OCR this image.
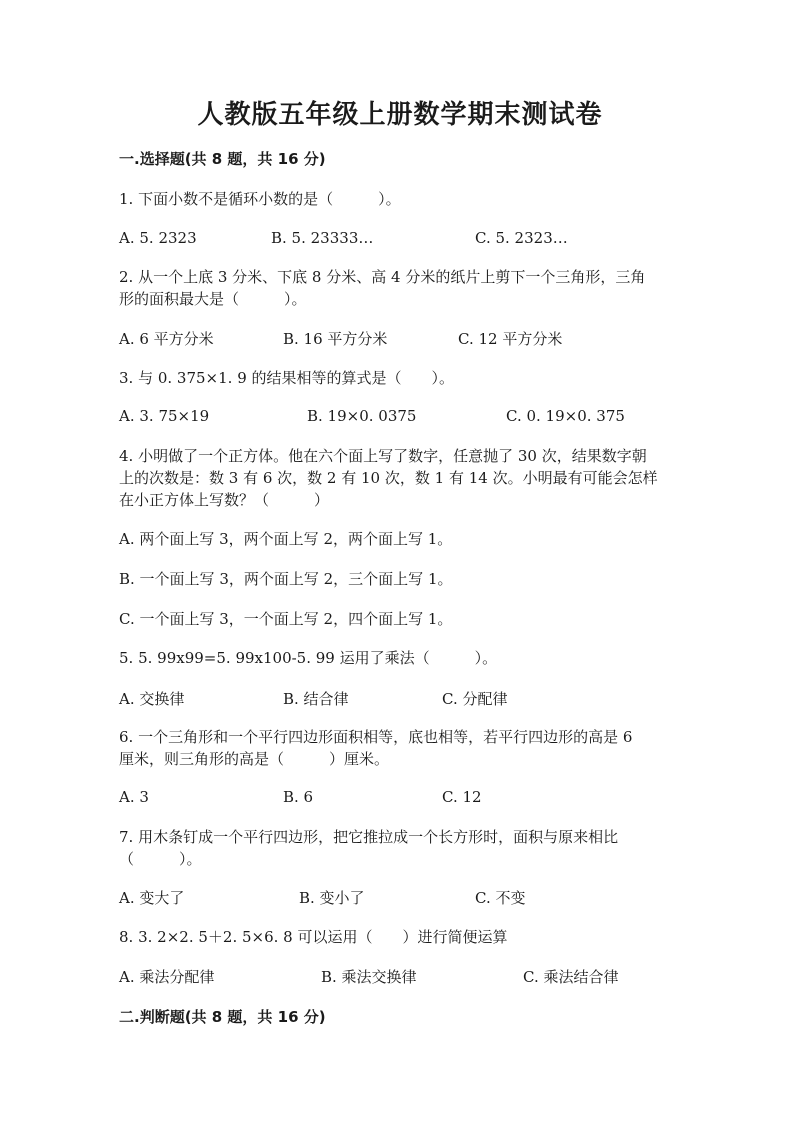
人教版五年级上册数学期末测试卷
一.选择题(共 8 题，共 16 分)
1. 下面小数不是循环小数的是（　　　）。
A. 5. 2323	B. 5. 23333…	C. 5. 2323…
2. 从一个上底 3 分米、下底 8 分米、高 4 分米的纸片上剪下一个三角形，三角
形的面积最大是（　　　）。
A. 6 平方分米	B. 16 平方分米	C. 12 平方分米
3. 与 0. 375×1. 9 的结果相等的算式是（　　）。
A. 3. 75×19	B. 19×0. 0375	C. 0. 19×0. 375
4. 小明做了一个正方体。他在六个面上写了数字，任意抛了 30 次，结果数字朝
上的次数是：数 3 有 6 次，数 2 有 10 次，数 1 有 14 次。小明最有可能会怎样
在小正方体上写数？（　　　）
A. 两个面上写 3，两个面上写 2，两个面上写 1。
B. 一个面上写 3，两个面上写 2，三个面上写 1。
C. 一个面上写 3，一个面上写 2，四个面上写 1。
5. 5. 99x99=5. 99x100-5. 99 运用了乘法（　　　）。
A. 交换律	B. 结合律	C. 分配律
6. 一个三角形和一个平行四边形面积相等，底也相等，若平行四边形的高是 6
厘米，则三角形的高是（　　　）厘米。
A. 3	B. 6	C. 12
7. 用木条钉成一个平行四边形，把它推拉成一个长方形时，面积与原来相比
（　　　）。
A. 变大了	B. 变小了	C. 不变
8. 3. 2×2. 5＋2. 5×6. 8 可以运用（　　）进行简便运算
A. 乘法分配律	B. 乘法交换律	C. 乘法结合律
二.判断题(共 8 题，共 16 分)
